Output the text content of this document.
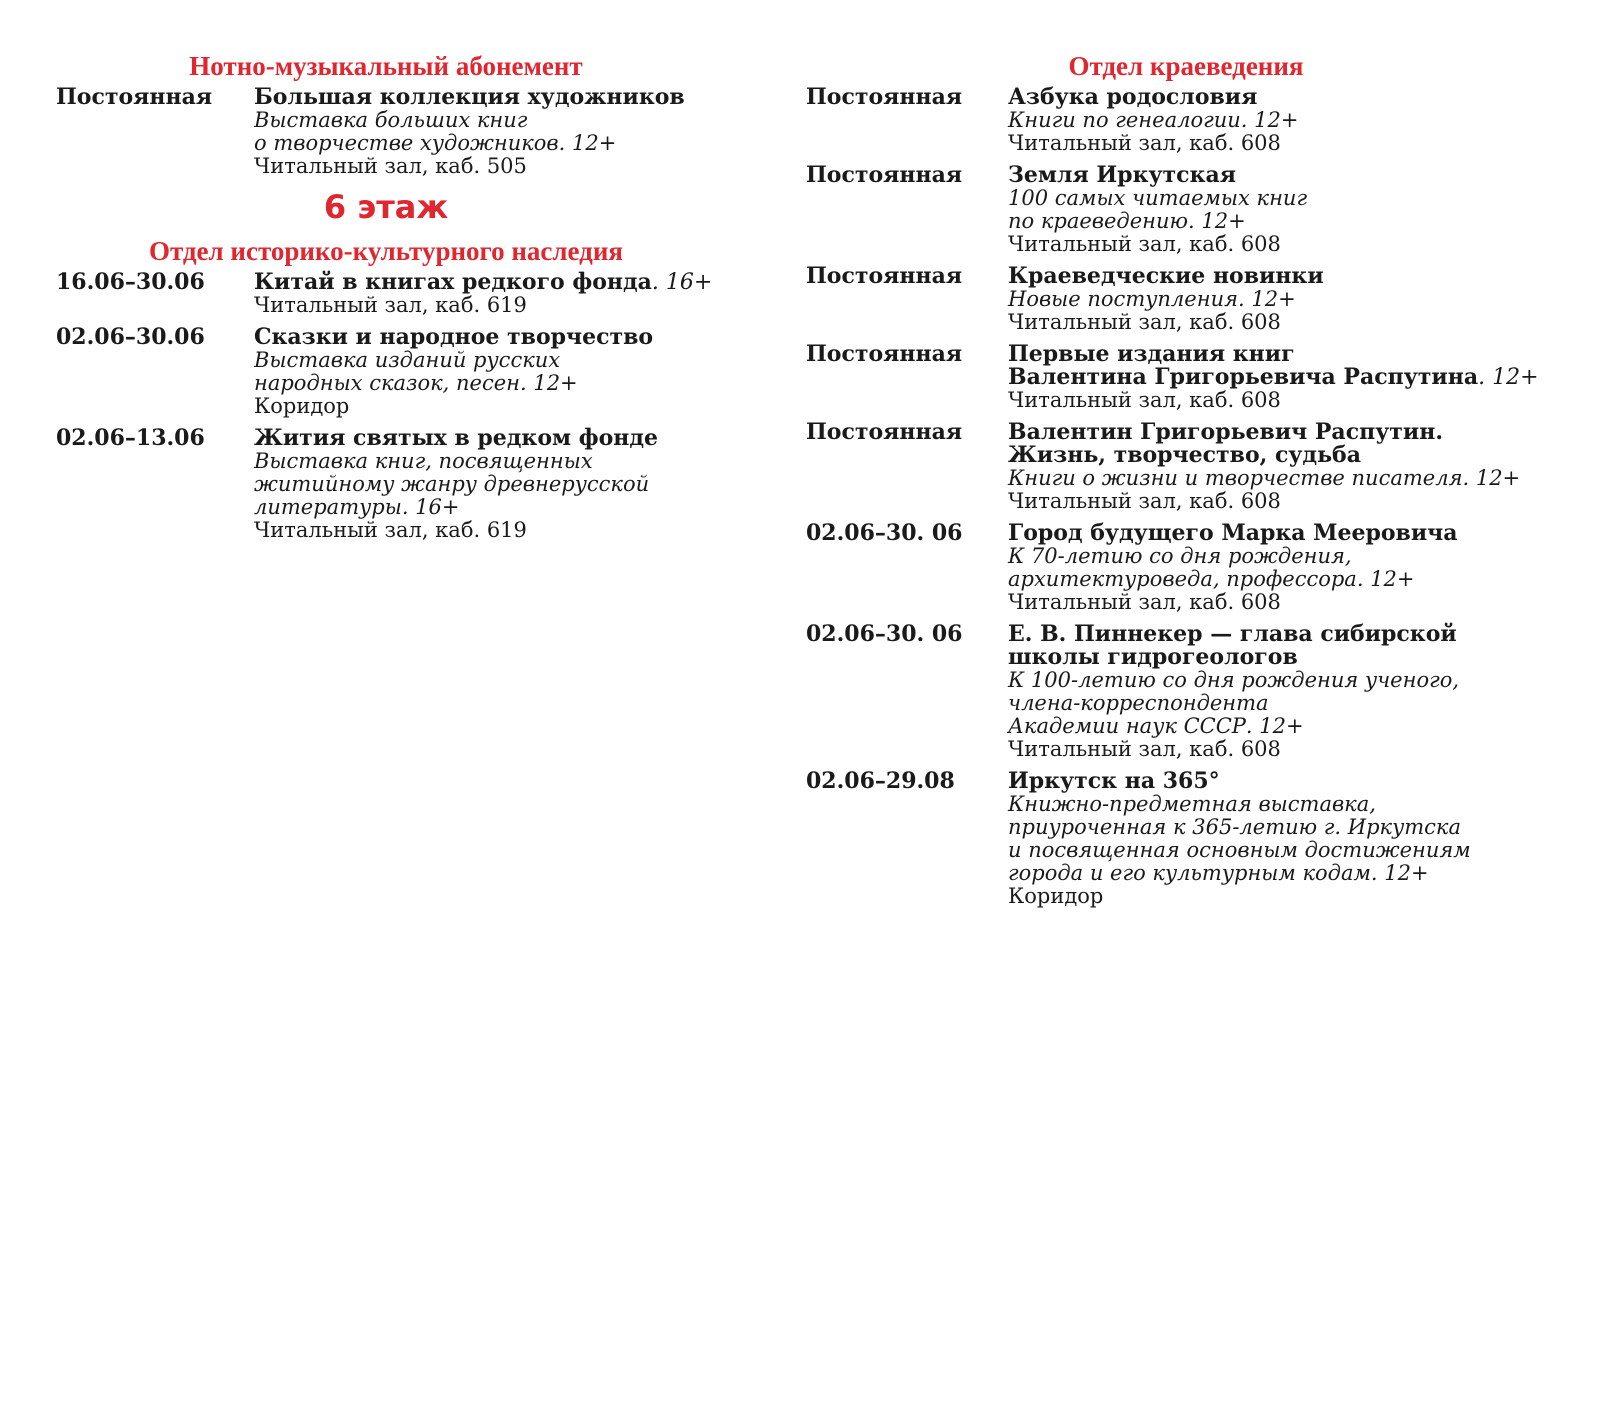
Нотно-музыкальный абонемент
Постоянная	Большая коллекция художников
Выставка больших книг
о творчестве художников. 12+
Читальный зал, каб. 505
6 этаж
Отдел историко-культурного наследия
16.06–30.06	Китай в книгах редкого фонда. 16+
Читальный зал, каб. 619
02.06–30.06	Сказки и народное творчество
Выставка изданий русских
народных сказок, песен. 12+
Коридор
02.06–13.06	Жития святых в редком фонде
Выставка книг, посвященных
житийному жанру древнерусской
литературы. 16+
Читальный зал, каб. 619
Отдел краеведения
Постоянная	Азбука родословия
Книги по генеалогии. 12+
Читальный зал, каб. 608
Постоянная	Земля Иркутская
100 самых читаемых книг
по краеведению. 12+
Читальный зал, каб. 608
Постоянная	Краеведческие новинки
Новые поступления. 12+
Читальный зал, каб. 608
Постоянная	Первые издания книг
Валентина Григорьевича Распутина. 12+
Читальный зал, каб. 608
Постоянная	Валентин Григорьевич Распутин.
Жизнь, творчество, судьба
Книги о жизни и творчестве писателя. 12+
Читальный зал, каб. 608
02.06–30. 06	Город будущего Марка Мееровича
К 70-летию со дня рождения,
архитектуроведа, профессора. 12+
Читальный зал, каб. 608
02.06–30. 06	Е. В. Пиннекер — глава сибирской
школы гидрогеологов
К 100-летию со дня рождения ученого,
члена-корреспондента
Академии наук СССР. 12+
Читальный зал, каб. 608
02.06–29.08	Иркутск на 365°
Книжно-предметная выставка,
приуроченная к 365-летию г. Иркутска
и посвященная основным достижениям
города и его культурным кодам. 12+
Коридор
